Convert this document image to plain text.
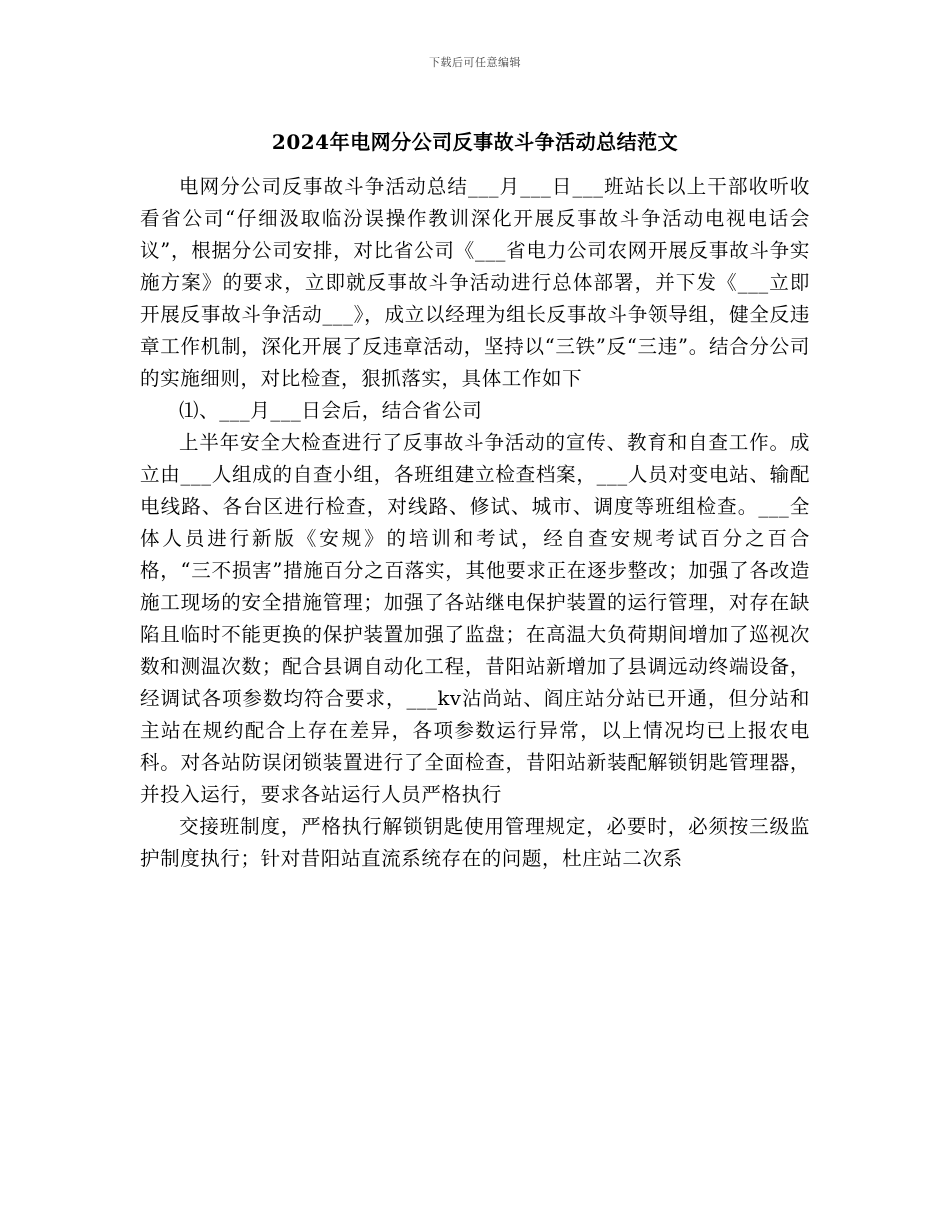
下载后可任意编辑
2024年电网分公司反事故斗争活动总结范文

电网分公司反事故斗争活动总结___月___日___班站长以上干部收听收看省公司“仔细汲取临汾误操作教训深化开展反事故斗争活动电视电话会议”，根据分公司安排，对比省公司《___省电力公司农网开展反事故斗争实施方案》的要求，立即就反事故斗争活动进行总体部署，并下发《___立即开展反事故斗争活动___》，成立以经理为组长反事故斗争领导组，健全反违章工作机制，深化开展了反违章活动，坚持以“三铁”反“三违”。结合分公司的实施细则，对比检查，狠抓落实，具体工作如下

⑴、___月___日会后，结合省公司

上半年安全大检查进行了反事故斗争活动的宣传、教育和自查工作。成立由___人组成的自查小组，各班组建立检查档案，___人员对变电站、输配电线路、各台区进行检查，对线路、修试、城市、调度等班组检查。___全体人员进行新版《安规》的培训和考试，经自查安规考试百分之百合格，“三不损害”措施百分之百落实，其他要求正在逐步整改；加强了各改造施工现场的安全措施管理；加强了各站继电保护装置的运行管理，对存在缺陷且临时不能更换的保护装置加强了监盘；在高温大负荷期间增加了巡视次数和测温次数；配合县调自动化工程，昔阳站新增加了县调远动终端设备，经调试各项参数均符合要求，___kv沾尚站、阎庄站分站已开通，但分站和主站在规约配合上存在差异，各项参数运行异常，以上情况均已上报农电科。对各站防误闭锁装置进行了全面检查，昔阳站新装配解锁钥匙管理器，并投入运行，要求各站运行人员严格执行

交接班制度，严格执行解锁钥匙使用管理规定，必要时，必须按三级监护制度执行；针对昔阳站直流系统存在的问题，杜庄站二次系
